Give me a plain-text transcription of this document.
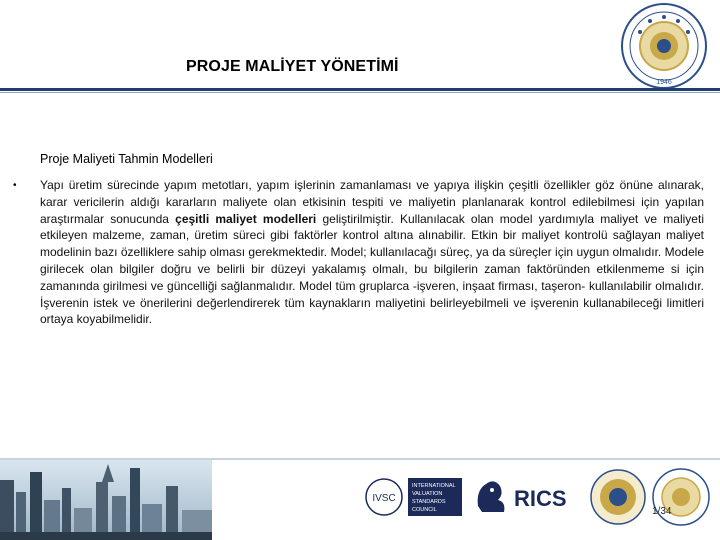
PROJE MALİYET YÖNETİMİ
1946
Proje Maliyeti Tahmin Modelleri
• Yapı üretim sürecinde yapım metotları, yapım işlerinin zamanlaması ve yapıya ilişkin çeşitli özellikler göz önüne alınarak, karar vericilerin aldığı kararların maliyete olan etkisinin tespiti ve maliyetin planlanarak kontrol edilebilmesi için yapılan araştırmalar sonucunda çeşitli maliyet modelleri geliştirilmiştir. Kullanılacak olan model yardımıyla maliyet ve maliyeti etkileyen malzeme, zaman, üretim süreci gibi faktörler kontrol altına alınabilir. Etkin bir maliyet kontrolü sağlayan maliyet modelinin bazı özelliklere sahip olması gerekmektedir. Model; kullanılacağı süreç, ya da süreçler için uygun olmalıdır. Modele girilecek olan bilgiler doğru ve belirli bir düzeyi yakalamış olmalı, bu bilgilerin zaman faktöründen etkilenmeme si için zamanında girilmesi ve güncelliği sağlanmalıdır. Model tüm gruplarca -işveren, inşaat firması, taşeron- kullanılabilir olmalıdır. İşverenin istek ve önerilerini değerlendirerek tüm kaynakların maliyetini belirleyebilmeli ve işverenin kullanabileceği limitleri ortaya koyabilmelidir.
IVSC
INTERNATIONAL
VALUATION
STANDARDS
COUNCIL	RICS
1/34
